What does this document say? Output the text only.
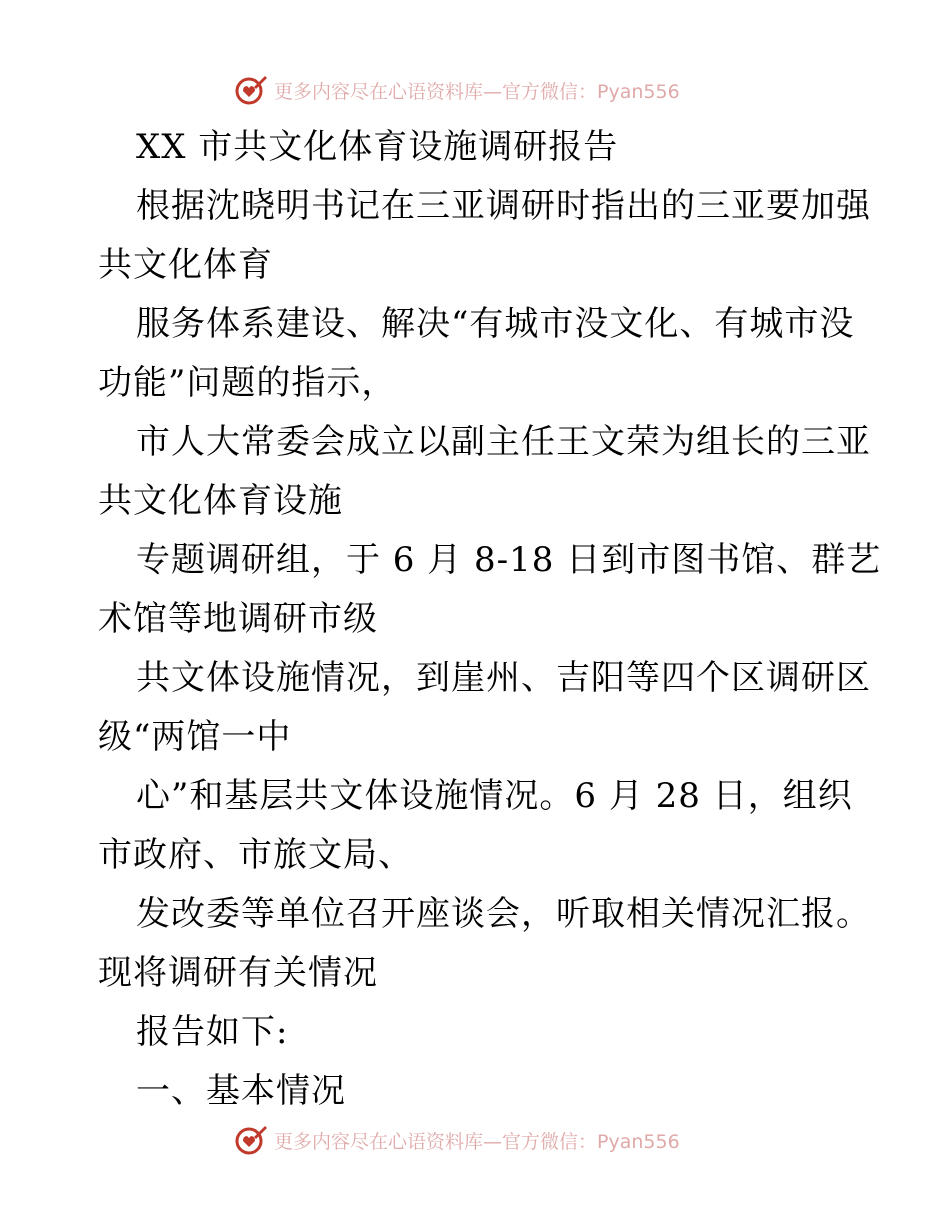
更多内容尽在心语资料库—官方微信：Pyan556

XX 市共文化体育设施调研报告

根据沈晓明书记在三亚调研时指出的三亚要加强
共文化体育

服务体系建设、解决“有城市没文化、有城市没
功能”问题的指示，

市人大常委会成立以副主任王文荣为组长的三亚
共文化体育设施

专题调研组，于 6 月 8-18 日到市图书馆、群艺
术馆等地调研市级

共文体设施情况，到崖州、吉阳等四个区调研区
级“两馆一中

心”和基层共文体设施情况。6 月 28 日，组织
市政府、市旅文局、

发改委等单位召开座谈会，听取相关情况汇报。
现将调研有关情况

报告如下:

一、基本情况

更多内容尽在心语资料库—官方微信：Pyan556
